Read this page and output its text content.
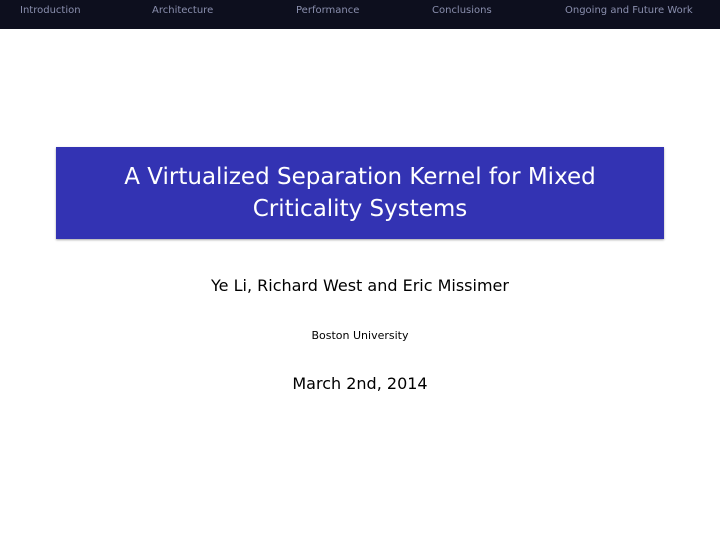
Introduction	Architecture	Performance	Conclusions	Ongoing and Future Work
A Virtualized Separation Kernel for Mixed Criticality Systems
Ye Li, Richard West and Eric Missimer
Boston University
March 2nd, 2014
